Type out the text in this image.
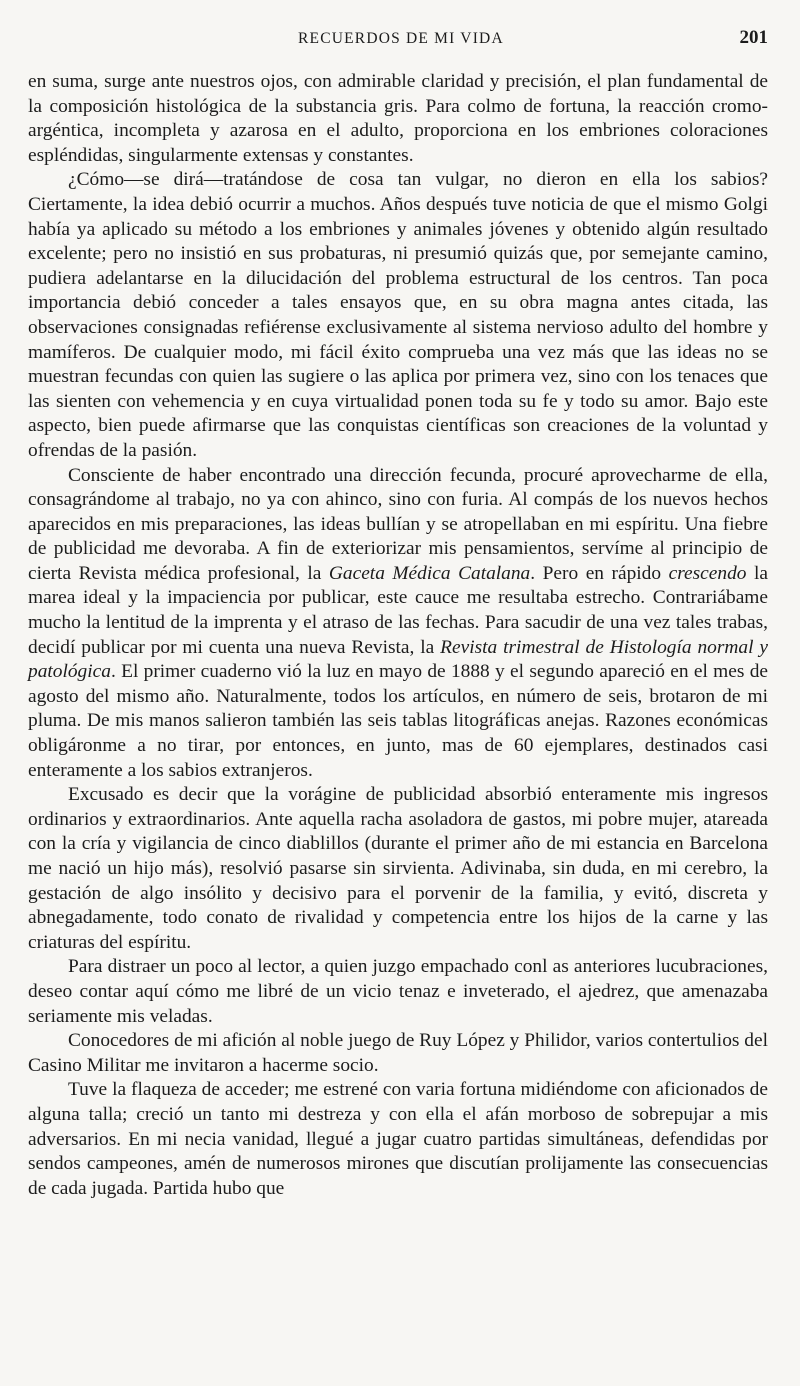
RECUERDOS DE MI VIDA	201

en suma, surge ante nuestros ojos, con admirable claridad y precisión, el plan fundamental de la composición histológica de la substancia gris. Para colmo de fortuna, la reacción cromo-argéntica, incompleta y azarosa en el adulto, proporciona en los embriones coloraciones espléndidas, singularmente extensas y constantes.

¿Cómo—se dirá—tratándose de cosa tan vulgar, no dieron en ella los sabios? Ciertamente, la idea debió ocurrir a muchos. Años después tuve noticia de que el mismo Golgi había ya aplicado su método a los embriones y animales jóvenes y obtenido algún resultado excelente; pero no insistió en sus probaturas, ni presumió quizás que, por semejante camino, pudiera adelantarse en la dilucidación del problema estructural de los centros. Tan poca importancia debió conceder a tales ensayos que, en su obra magna antes citada, las observaciones consignadas refiérense exclusivamente al sistema nervioso adulto del hombre y mamíferos. De cualquier modo, mi fácil éxito comprueba una vez más que las ideas no se muestran fecundas con quien las sugiere o las aplica por primera vez, sino con los tenaces que las sienten con vehemencia y en cuya virtualidad ponen toda su fe y todo su amor. Bajo este aspecto, bien puede afirmarse que las conquistas científicas son creaciones de la voluntad y ofrendas de la pasión.

Consciente de haber encontrado una dirección fecunda, procuré aprovecharme de ella, consagrándome al trabajo, no ya con ahinco, sino con furia. Al compás de los nuevos hechos aparecidos en mis preparaciones, las ideas bullían y se atropellaban en mi espíritu. Una fiebre de publicidad me devoraba. A fin de exteriorizar mis pensamientos, servíme al principio de cierta Revista médica profesional, la Gaceta Médica Catalana. Pero en rápido crescendo la marea ideal y la impaciencia por publicar, este cauce me resultaba estrecho. Contrariábame mucho la lentitud de la imprenta y el atraso de las fechas. Para sacudir de una vez tales trabas, decidí publicar por mi cuenta una nueva Revista, la Revista trimestral de Histología normal y patológica. El primer cuaderno vió la luz en mayo de 1888 y el segundo apareció en el mes de agosto del mismo año. Naturalmente, todos los artículos, en número de seis, brotaron de mi pluma. De mis manos salieron también las seis tablas litográficas anejas. Razones económicas obligáronme a no tirar, por entonces, en junto, mas de 60 ejemplares, destinados casi enteramente a los sabios extranjeros.

Excusado es decir que la vorágine de publicidad absorbió enteramente mis ingresos ordinarios y extraordinarios. Ante aquella racha asoladora de gastos, mi pobre mujer, atareada con la cría y vigilancia de cinco diablillos (durante el primer año de mi estancia en Barcelona me nació un hijo más), resolvió pasarse sin sirvienta. Adivinaba, sin duda, en mi cerebro, la gestación de algo insólito y decisivo para el porvenir de la familia, y evitó, discreta y abnegadamente, todo conato de rivalidad y competencia entre los hijos de la carne y las criaturas del espíritu.

Para distraer un poco al lector, a quien juzgo empachado conl as anteriores lucubraciones, deseo contar aquí cómo me libré de un vicio tenaz e inveterado, el ajedrez, que amenazaba seriamente mis veladas.

Conocedores de mi afición al noble juego de Ruy López y Philidor, varios contertulios del Casino Militar me invitaron a hacerme socio.

Tuve la flaqueza de acceder; me estrené con varia fortuna midiéndome con aficionados de alguna talla; creció un tanto mi destreza y con ella el afán morboso de sobrepujar a mis adversarios. En mi necia vanidad, llegué a jugar cuatro partidas simultáneas, defendidas por sendos campeones, amén de numerosos mirones que discutían prolijamente las consecuencias de cada jugada. Partida hubo que
